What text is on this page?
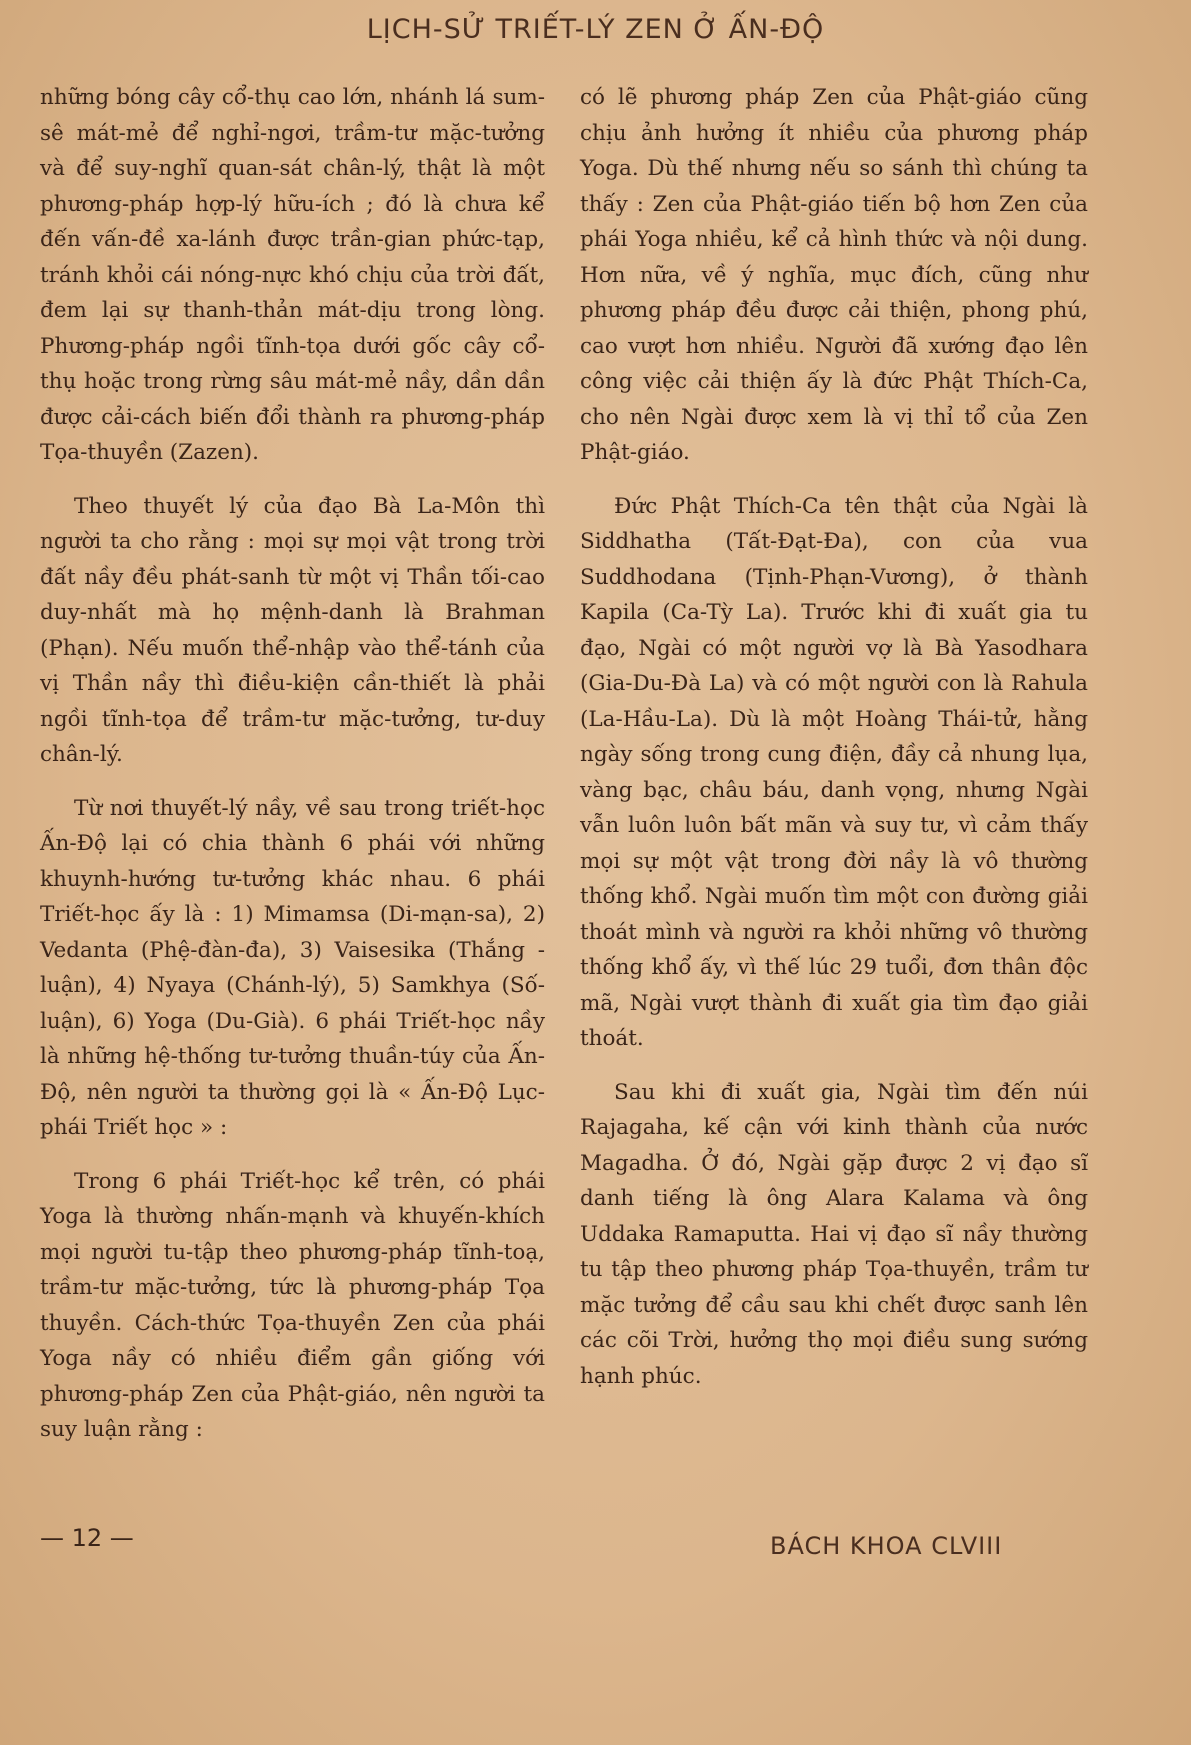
LỊCH-SỬ TRIẾT-LÝ ZEN Ở ẤN-ĐỘ

những bóng cây cổ-thụ cao lớn, nhánh lá sum-sê mát-mẻ để nghỉ-ngơi, trầm-tư mặc-tưởng và để suy-nghĩ quan-sát chân-lý, thật là một phương-pháp hợp-lý hữu-ích ; đó là chưa kể đến vấn-đề xa-lánh được trần-gian phức-tạp, tránh khỏi cái nóng-nực khó chịu của trời đất, đem lại sự thanh-thản mát-dịu trong lòng. Phương-pháp ngồi tĩnh-tọa dưới gốc cây cổ-thụ hoặc trong rừng sâu mát-mẻ nầy, dần dần được cải-cách biến đổi thành ra phương-pháp Tọa-thuyền (Zazen).

Theo thuyết lý của đạo Bà La-Môn thì người ta cho rằng : mọi sự mọi vật trong trời đất nầy đều phát-sanh từ một vị Thần tối-cao duy-nhất mà họ mệnh-danh là Brahman (Phạn). Nếu muốn thể-nhập vào thể-tánh của vị Thần nầy thì điều-kiện cần-thiết là phải ngồi tĩnh-tọa để trầm-tư mặc-tưởng, tư-duy chân-lý.

Từ nơi thuyết-lý nầy, về sau trong triết-học Ấn-Độ lại có chia thành 6 phái với những khuynh-hướng tư-tưởng khác nhau. 6 phái Triết-học ấy là : 1) Mimamsa (Di-mạn-sa), 2) Vedanta (Phệ-đàn-đa), 3) Vaisesika (Thắng - luận), 4) Nyaya (Chánh-lý), 5) Samkhya (Số-luận), 6) Yoga (Du-Già). 6 phái Triết-học nầy là những hệ-thống tư-tưởng thuần-túy của Ấn-Độ, nên người ta thường gọi là « Ấn-Độ Lục-phái Triết học » :

Trong 6 phái Triết-học kể trên, có phái Yoga là thường nhấn-mạnh và khuyến-khích mọi người tu-tập theo phương-pháp tĩnh-toạ, trầm-tư mặc-tưởng, tức là phương-pháp Tọa thuyền. Cách-thức Tọa-thuyền Zen của phái Yoga nầy có nhiều điểm gần giống với phương-pháp Zen của Phật-giáo, nên người ta suy luận rằng :

có lẽ phương pháp Zen của Phật-giáo cũng chịu ảnh hưởng ít nhiều của phương pháp Yoga. Dù thế nhưng nếu so sánh thì chúng ta thấy : Zen của Phật-giáo tiến bộ hơn Zen của phái Yoga nhiều, kể cả hình thức và nội dung. Hơn nữa, về ý nghĩa, mục đích, cũng như phương pháp đều được cải thiện, phong phú, cao vượt hơn nhiều. Người đã xướng đạo lên công việc cải thiện ấy là đức Phật Thích-Ca, cho nên Ngài được xem là vị thỉ tổ của Zen Phật-giáo.

Đức Phật Thích-Ca tên thật của Ngài là Siddhatha (Tất-Đạt-Đa), con của vua Suddhodana (Tịnh-Phạn-Vương), ở thành Kapila (Ca-Tỳ La). Trước khi đi xuất gia tu đạo, Ngài có một người vợ là Bà Yasodhara (Gia-Du-Đà La) và có một người con là Rahula (La-Hầu-La). Dù là một Hoàng Thái-tử, hằng ngày sống trong cung điện, đầy cả nhung lụa, vàng bạc, châu báu, danh vọng, nhưng Ngài vẫn luôn luôn bất mãn và suy tư, vì cảm thấy mọi sự một vật trong đời nầy là vô thường thống khổ. Ngài muốn tìm một con đường giải thoát mình và người ra khỏi những vô thường thống khổ ấy, vì thế lúc 29 tuổi, đơn thân độc mã, Ngài vượt thành đi xuất gia tìm đạo giải thoát.

Sau khi đi xuất gia, Ngài tìm đến núi Rajagaha, kế cận với kinh thành của nước Magadha. Ở đó, Ngài gặp được 2 vị đạo sĩ danh tiếng là ông Alara Kalama và ông Uddaka Ramaputta. Hai vị đạo sĩ nầy thường tu tập theo phương pháp Tọa-thuyền, trầm tư mặc tưởng để cầu sau khi chết được sanh lên các cõi Trời, hưởng thọ mọi điều sung sướng hạnh phúc.

— 12 —	BÁCH KHOA CLVIII
